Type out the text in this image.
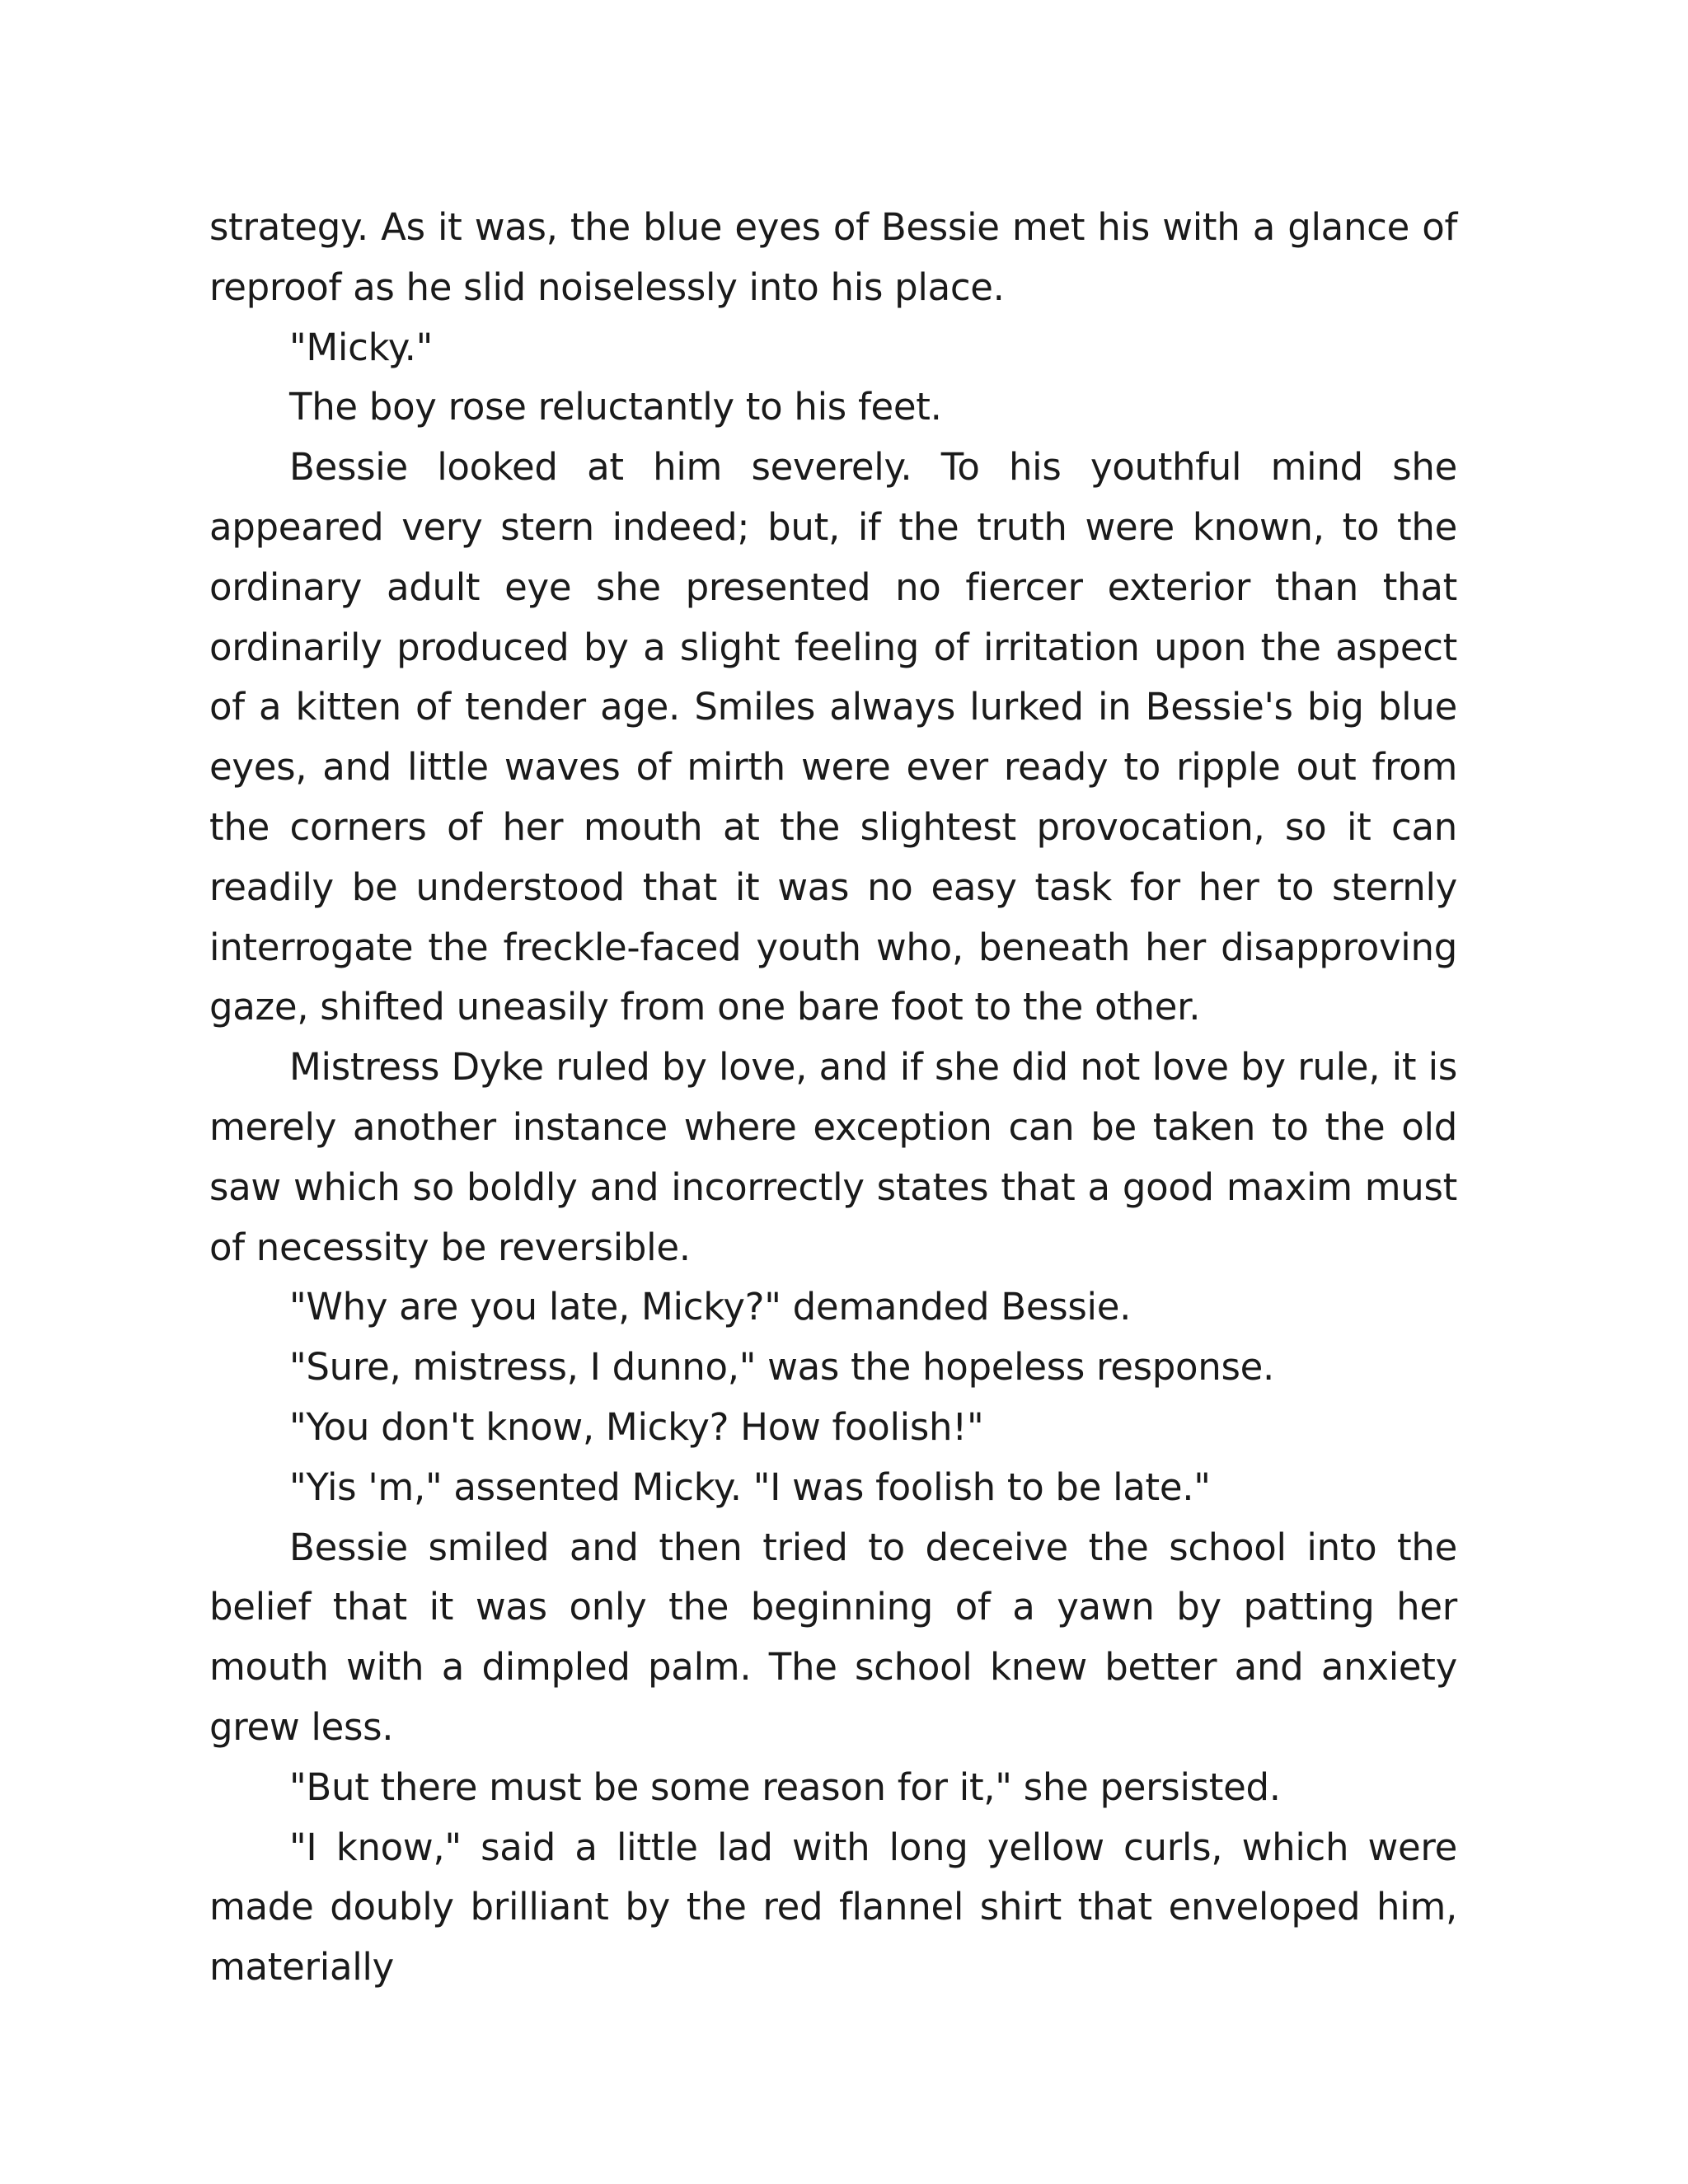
strategy. As it was, the blue eyes of Bessie met his with a glance of reproof as he slid noiselessly into his place.

"Micky."

The boy rose reluctantly to his feet.

Bessie looked at him severely. To his youthful mind she appeared very stern indeed; but, if the truth were known, to the ordinary adult eye she presented no fiercer exterior than that ordinarily produced by a slight feeling of irritation upon the aspect of a kitten of tender age. Smiles always lurked in Bessie's big blue eyes, and little waves of mirth were ever ready to ripple out from the corners of her mouth at the slightest provocation, so it can readily be understood that it was no easy task for her to sternly interrogate the freckle-faced youth who, beneath her disapproving gaze, shifted uneasily from one bare foot to the other.

Mistress Dyke ruled by love, and if she did not love by rule, it is merely another instance where exception can be taken to the old saw which so boldly and incorrectly states that a good maxim must of necessity be reversible.

"Why are you late, Micky?" demanded Bessie.

"Sure, mistress, I dunno," was the hopeless response.

"You don't know, Micky? How foolish!"

"Yis 'm," assented Micky. "I was foolish to be late."

Bessie smiled and then tried to deceive the school into the belief that it was only the beginning of a yawn by patting her mouth with a dimpled palm. The school knew better and anxiety grew less.

"But there must be some reason for it," she persisted.

"I know," said a little lad with long yellow curls, which were made doubly brilliant by the red flannel shirt that enveloped him, materially
